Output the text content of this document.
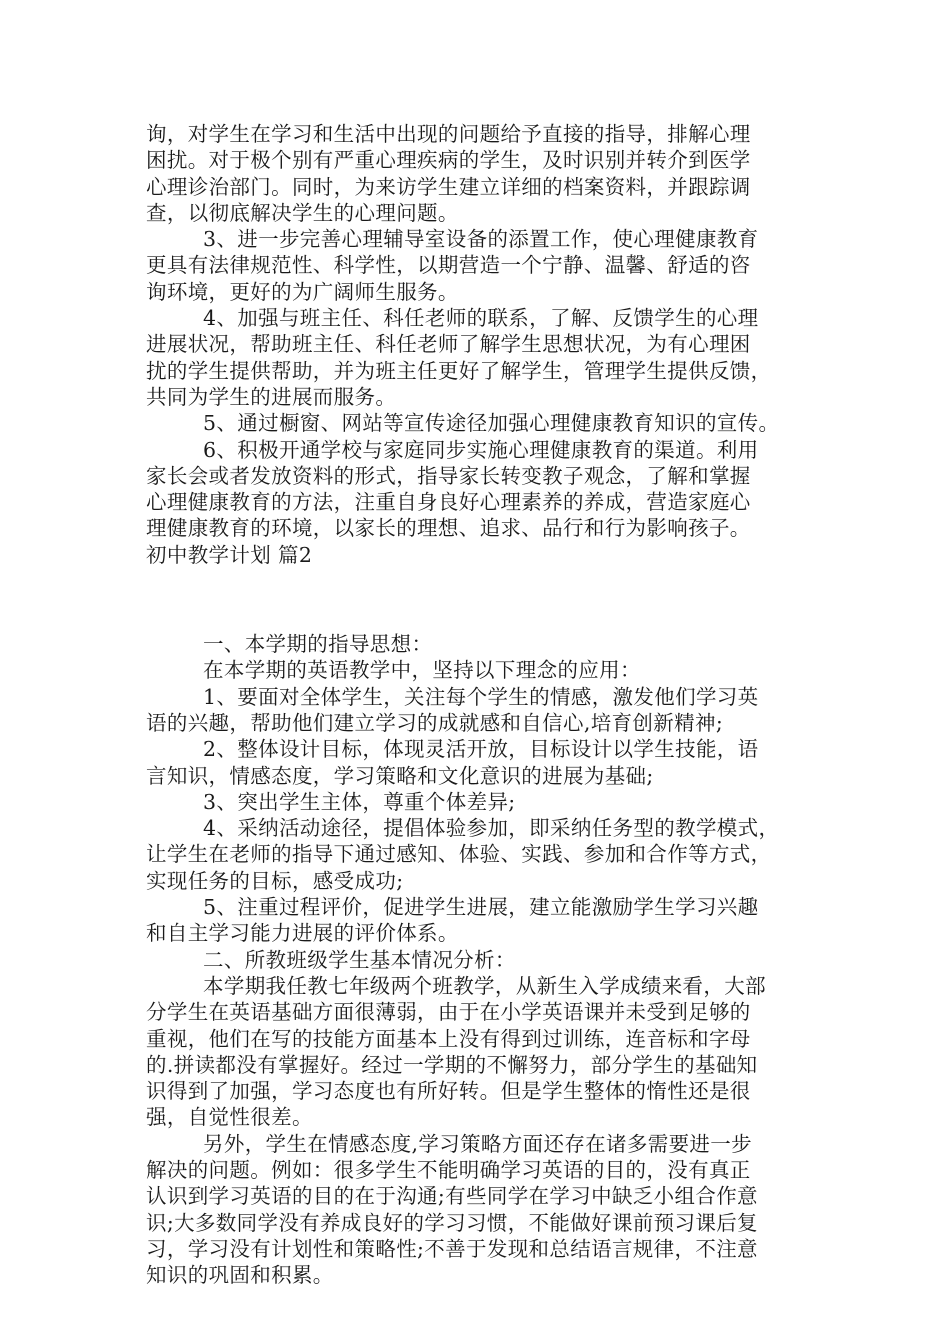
询，对学生在学习和生活中出现的问题给予直接的指导，排解心理
困扰。对于极个别有严重心理疾病的学生，及时识别并转介到医学
心理诊治部门。同时，为来访学生建立详细的档案资料，并跟踪调
查，以彻底解决学生的心理问题。
3、进一步完善心理辅导室设备的添置工作，使心理健康教育
更具有法律规范性、科学性，以期营造一个宁静、温馨、舒适的咨
询环境，更好的为广阔师生服务。
4、加强与班主任、科任老师的联系，了解、反馈学生的心理
进展状况，帮助班主任、科任老师了解学生思想状况，为有心理困
扰的学生提供帮助，并为班主任更好了解学生，管理学生提供反馈，
共同为学生的进展而服务。
5、通过橱窗、网站等宣传途径加强心理健康教育知识的宣传。
6、积极开通学校与家庭同步实施心理健康教育的渠道。利用
家长会或者发放资料的形式，指导家长转变教子观念，了解和掌握
心理健康教育的方法，注重自身良好心理素养的养成，营造家庭心
理健康教育的环境，以家长的理想、追求、品行和行为影响孩子。
初中教学计划 篇2
一、本学期的指导思想：
在本学期的英语教学中，坚持以下理念的应用：
1、要面对全体学生，关注每个学生的情感，激发他们学习英
语的兴趣，帮助他们建立学习的成就感和自信心,培育创新精神;
2、整体设计目标，体现灵活开放，目标设计以学生技能，语
言知识，情感态度，学习策略和文化意识的进展为基础;
3、突出学生主体，尊重个体差异;
4、采纳活动途径，提倡体验参加，即采纳任务型的教学模式，
让学生在老师的指导下通过感知、体验、实践、参加和合作等方式，
实现任务的目标，感受成功;
5、注重过程评价，促进学生进展，建立能激励学生学习兴趣
和自主学习能力进展的评价体系。
二、所教班级学生基本情况分析：
本学期我任教七年级两个班教学，从新生入学成绩来看，大部
分学生在英语基础方面很薄弱，由于在小学英语课并未受到足够的
重视，他们在写的技能方面基本上没有得到过训练，连音标和字母
的.拼读都没有掌握好。经过一学期的不懈努力，部分学生的基础知
识得到了加强，学习态度也有所好转。但是学生整体的惰性还是很
强，自觉性很差。
另外，学生在情感态度,学习策略方面还存在诸多需要进一步
解决的问题。例如：很多学生不能明确学习英语的目的，没有真正
认识到学习英语的目的在于沟通;有些同学在学习中缺乏小组合作意
识;大多数同学没有养成良好的学习习惯，不能做好课前预习课后复
习，学习没有计划性和策略性;不善于发现和总结语言规律，不注意
知识的巩固和积累。
